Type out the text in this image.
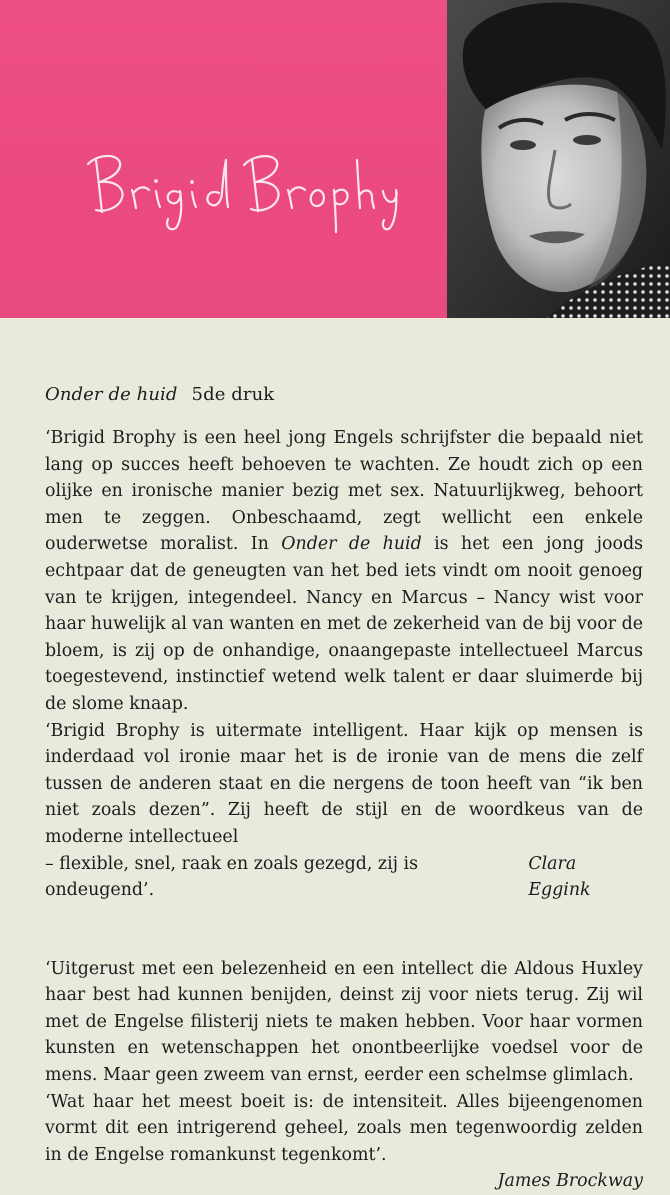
Onder de huid 5de druk

‘Brigid Brophy is een heel jong Engels schrijfster die bepaald niet lang op succes heeft behoeven te wachten. Ze houdt zich op een olijke en ironische manier bezig met sex. Natuurlijkweg, behoort men te zeggen. Onbeschaamd, zegt wellicht een enkele ouderwetse moralist. In Onder de huid is het een jong joods echtpaar dat de geneugten van het bed iets vindt om nooit genoeg van te krijgen, integendeel. Nancy en Marcus – Nancy wist voor haar huwelijk al van wanten en met de zekerheid van de bij voor de bloem, is zij op de onhandige, onaangepaste intellectueel Marcus toegestevend, instinctief wetend welk talent er daar sluimerde bij de slome knaap.

‘Brigid Brophy is uitermate intelligent. Haar kijk op mensen is inderdaad vol ironie maar het is de ironie van de mens die zelf tussen de anderen staat en die nergens de toon heeft van “ik ben niet zoals dezen”. Zij heeft de stijl en de woordkeus van de moderne intellectueel

– flexible, snel, raak en zoals gezegd, zij is ondeugend’.
Clara Eggink

‘Uitgerust met een belezenheid en een intellect die Aldous Huxley haar best had kunnen benijden, deinst zij voor niets terug. Zij wil met de Engelse filisterij niets te maken hebben. Voor haar vormen kunsten en wetenschappen het onontbeerlijke voedsel voor de mens. Maar geen zweem van ernst, eerder een schelmse glimlach.

‘Wat haar het meest boeit is: de intensiteit. Alles bijeengenomen vormt dit een intrigerend geheel, zoals men tegenwoordig zelden in de Engelse romankunst tegenkomt’.

James Brockway
